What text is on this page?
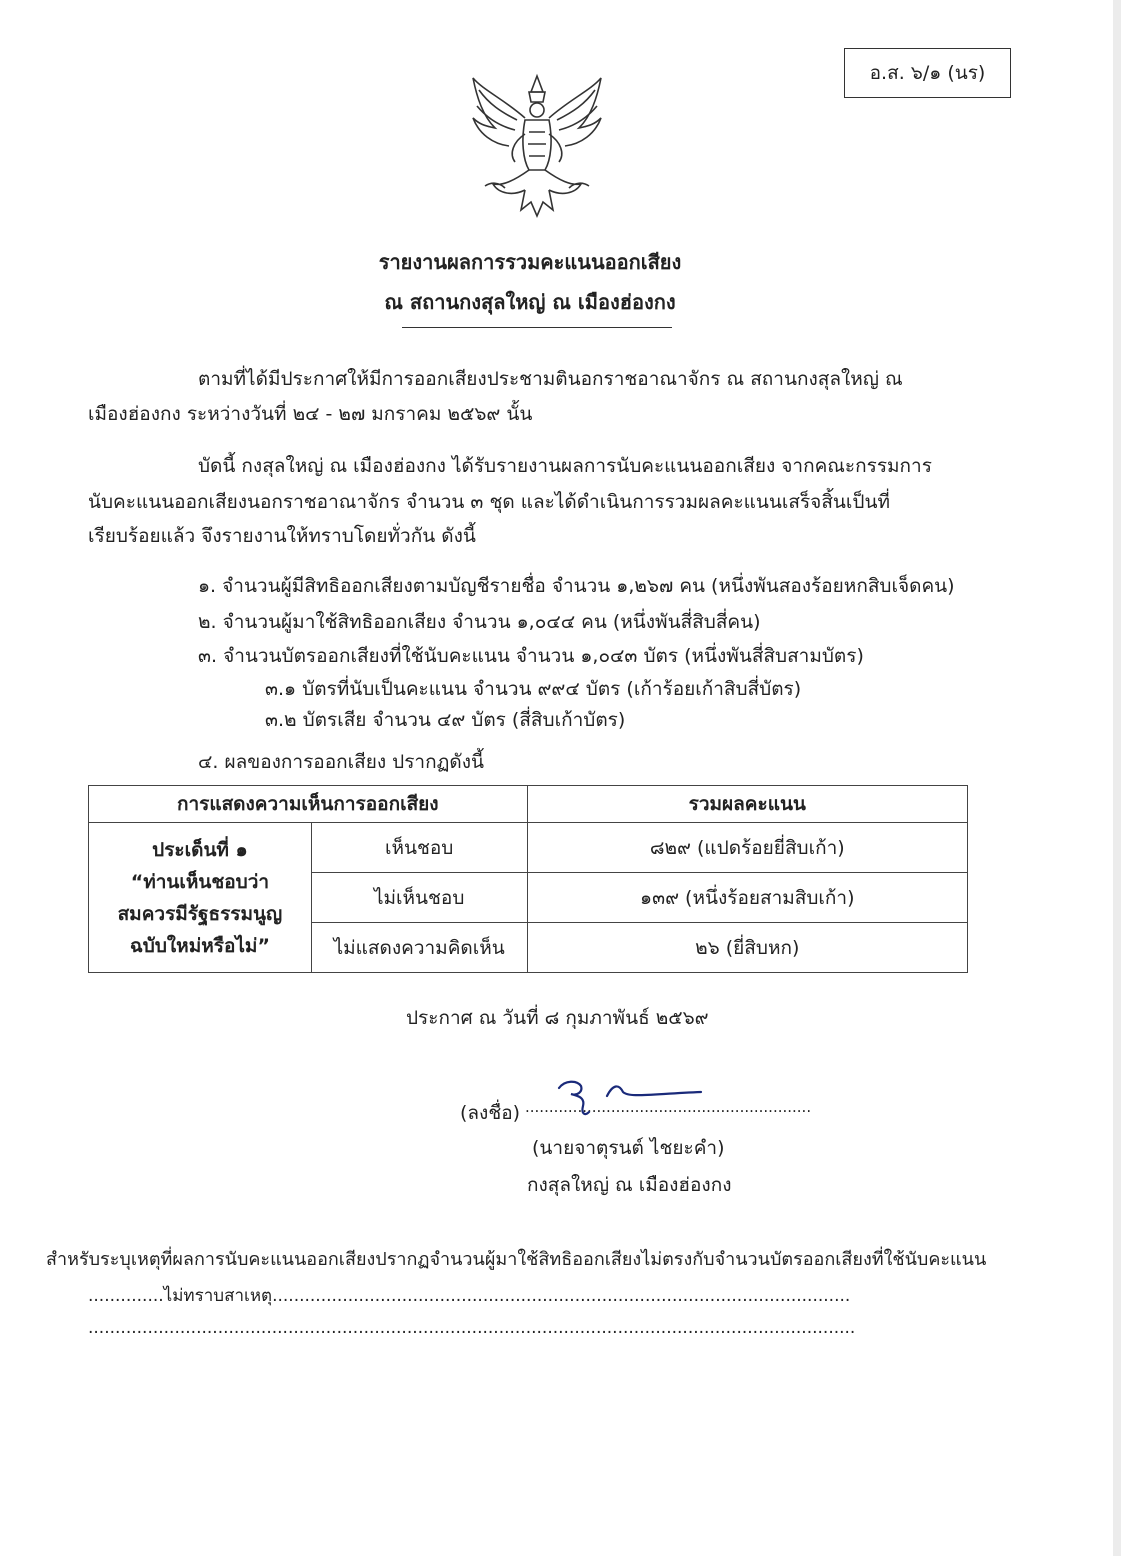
อ.ส. ๖/๑ (นร)
รายงานผลการรวมคะแนนออกเสียง
ณ สถานกงสุลใหญ่ ณ เมืองฮ่องกง
ตามที่ได้มีประกาศให้มีการออกเสียงประชามตินอกราชอาณาจักร ณ สถานกงสุลใหญ่ ณ
เมืองฮ่องกง ระหว่างวันที่ ๒๔ - ๒๗ มกราคม ๒๕๖๙ นั้น
บัดนี้ กงสุลใหญ่ ณ เมืองฮ่องกง ได้รับรายงานผลการนับคะแนนออกเสียง จากคณะกรรมการ
นับคะแนนออกเสียงนอกราชอาณาจักร จำนวน ๓ ชุด และได้ดำเนินการรวมผลคะแนนเสร็จสิ้นเป็นที่
เรียบร้อยแล้ว จึงรายงานให้ทราบโดยทั่วกัน ดังนี้
๑. จำนวนผู้มีสิทธิออกเสียงตามบัญชีรายชื่อ จำนวน ๑,๒๖๗ คน (หนึ่งพันสองร้อยหกสิบเจ็ดคน)
๒. จำนวนผู้มาใช้สิทธิออกเสียง จำนวน ๑,๐๔๔ คน (หนึ่งพันสี่สิบสี่คน)
๓. จำนวนบัตรออกเสียงที่ใช้นับคะแนน จำนวน ๑,๐๔๓ บัตร (หนึ่งพันสี่สิบสามบัตร)
๓.๑ บัตรที่นับเป็นคะแนน จำนวน ๙๙๔ บัตร (เก้าร้อยเก้าสิบสี่บัตร)
๓.๒ บัตรเสีย จำนวน ๔๙ บัตร (สี่สิบเก้าบัตร)
๔. ผลของการออกเสียง ปรากฏดังนี้
การแสดงความเห็นการออกเสียง		รวมผลคะแนน

ประเด็นที่ ๑
“ท่านเห็นชอบว่า
สมควรมีรัฐธรรมนูญ
ฉบับใหม่หรือไม่”	เห็นชอบ	๘๒๙ (แปดร้อยยี่สิบเก้า)
	ไม่เห็นชอบ	๑๓๙ (หนึ่งร้อยสามสิบเก้า)
	ไม่แสดงความคิดเห็น	๒๖ (ยี่สิบหก)
ประกาศ ณ วันที่ ๘ กุมภาพันธ์ ๒๕๖๙
(ลงชื่อ) ............................................................
(นายจาตุรนต์ ไชยะคำ)
กงสุลใหญ่ ณ เมืองฮ่องกง
สำหรับระบุเหตุที่ผลการนับคะแนนออกเสียงปรากฏจำนวนผู้มาใช้สิทธิออกเสียงไม่ตรงกับจำนวนบัตรออกเสียงที่ใช้นับคะแนน
..............ไม่ทราบสาเหตุ...........................................................................................................
..............................................................................................................................................
